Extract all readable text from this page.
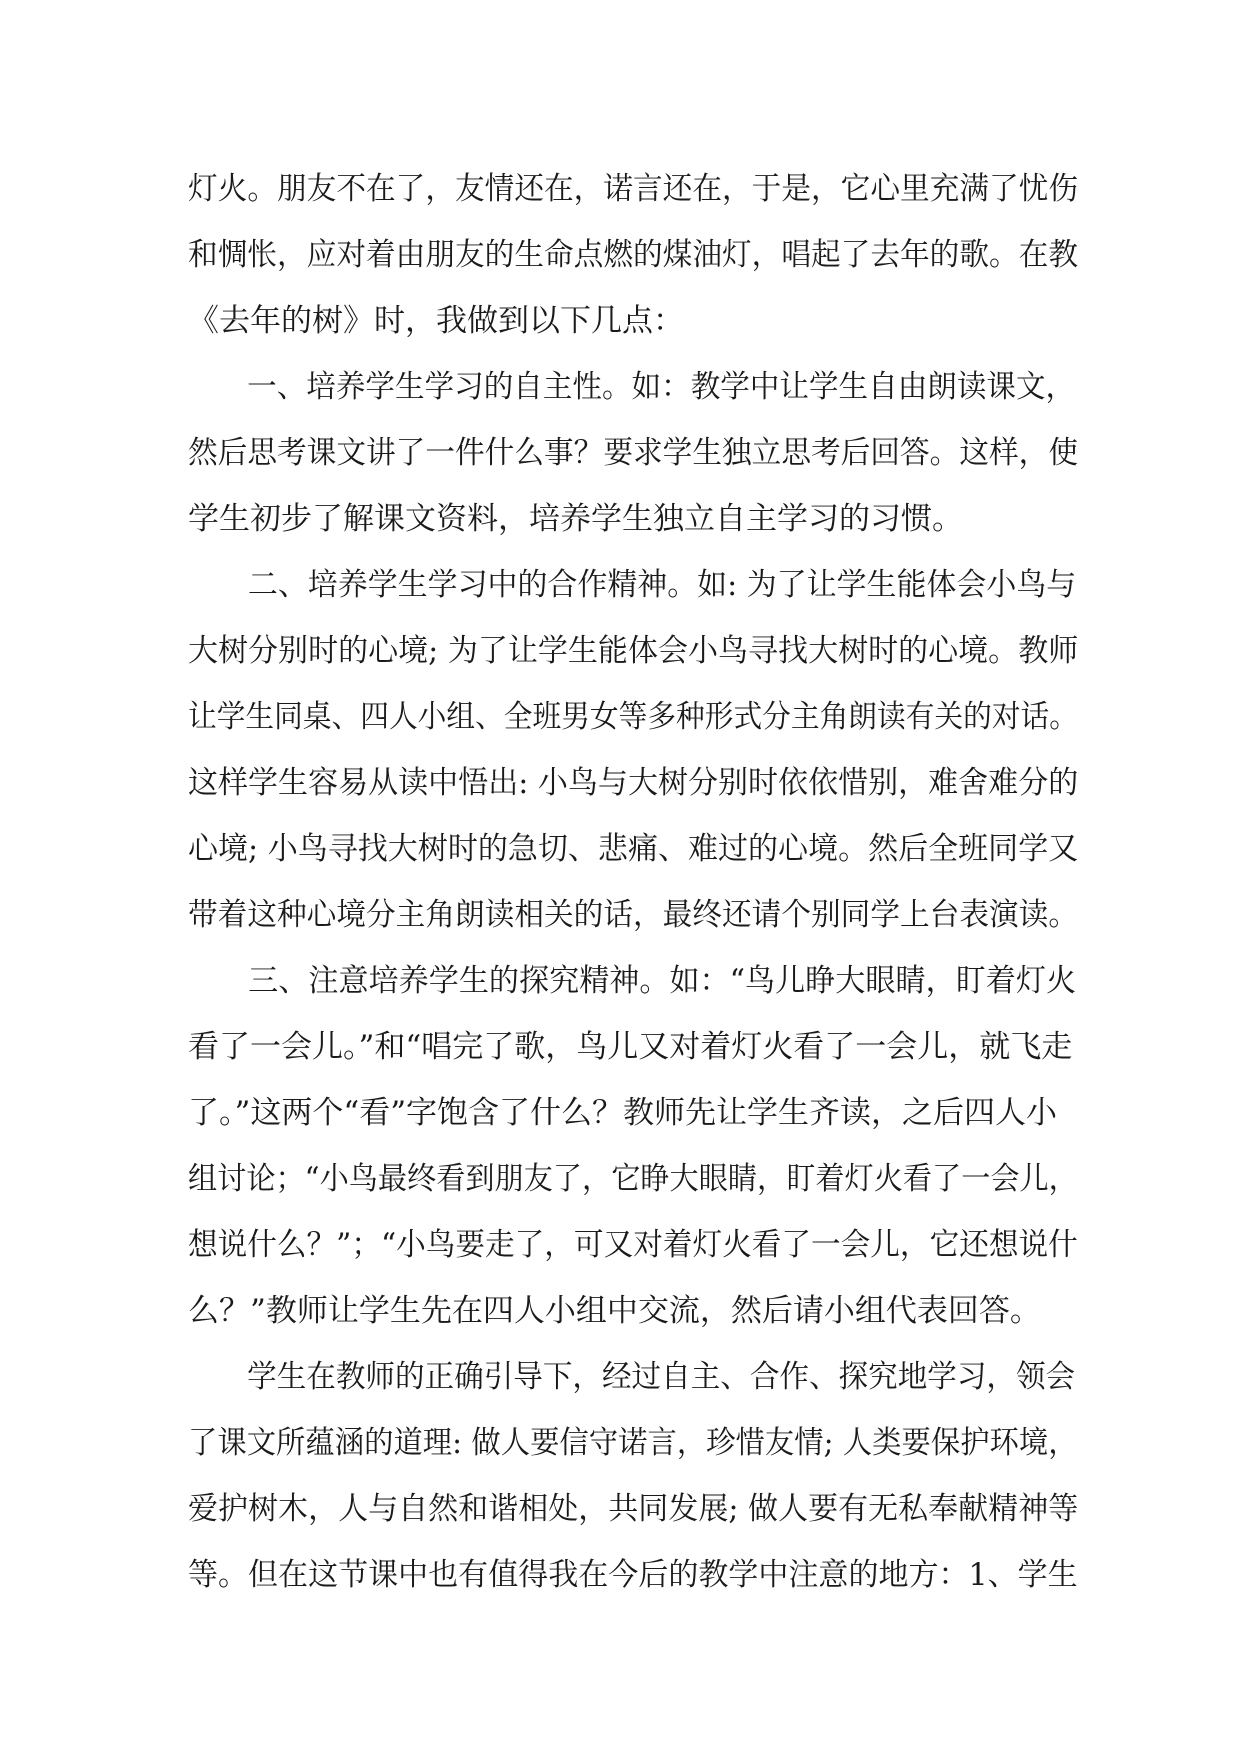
灯火。朋友不在了，友情还在，诺言还在，于是，它心里充满了忧伤
和惆怅，应对着由朋友的生命点燃的煤油灯，唱起了去年的歌。在教
《去年的树》时，我做到以下几点：
一、培养学生学习的自主性。如：教学中让学生自由朗读课文，
然后思考课文讲了一件什么事？要求学生独立思考后回答。这样，使
学生初步了解课文资料，培养学生独立自主学习的习惯。
二、培养学生学习中的合作精神。如: 为了让学生能体会小鸟与
大树分别时的心境; 为了让学生能体会小鸟寻找大树时的心境。教师
让学生同桌、四人小组、全班男女等多种形式分主角朗读有关的对话。
这样学生容易从读中悟出: 小鸟与大树分别时依依惜别，难舍难分的
心境; 小鸟寻找大树时的急切、悲痛、难过的心境。然后全班同学又
带着这种心境分主角朗读相关的话，最终还请个别同学上台表演读。
三、注意培养学生的探究精神。如：“鸟儿睁大眼睛，盯着灯火
看了一会儿。”和“唱完了歌，鸟儿又对着灯火看了一会儿，就飞走
了。”这两个“看”字饱含了什么？教师先让学生齐读，之后四人小
组讨论；“小鸟最终看到朋友了，它睁大眼睛，盯着灯火看了一会儿，
想说什么？”；“小鸟要走了，可又对着灯火看了一会儿，它还想说什
么？”教师让学生先在四人小组中交流，然后请小组代表回答。
学生在教师的正确引导下，经过自主、合作、探究地学习，领会
了课文所蕴涵的道理: 做人要信守诺言，珍惜友情; 人类要保护环境，
爱护树木，人与自然和谐相处，共同发展; 做人要有无私奉献精神等
等。但在这节课中也有值得我在今后的教学中注意的地方：1、学生
